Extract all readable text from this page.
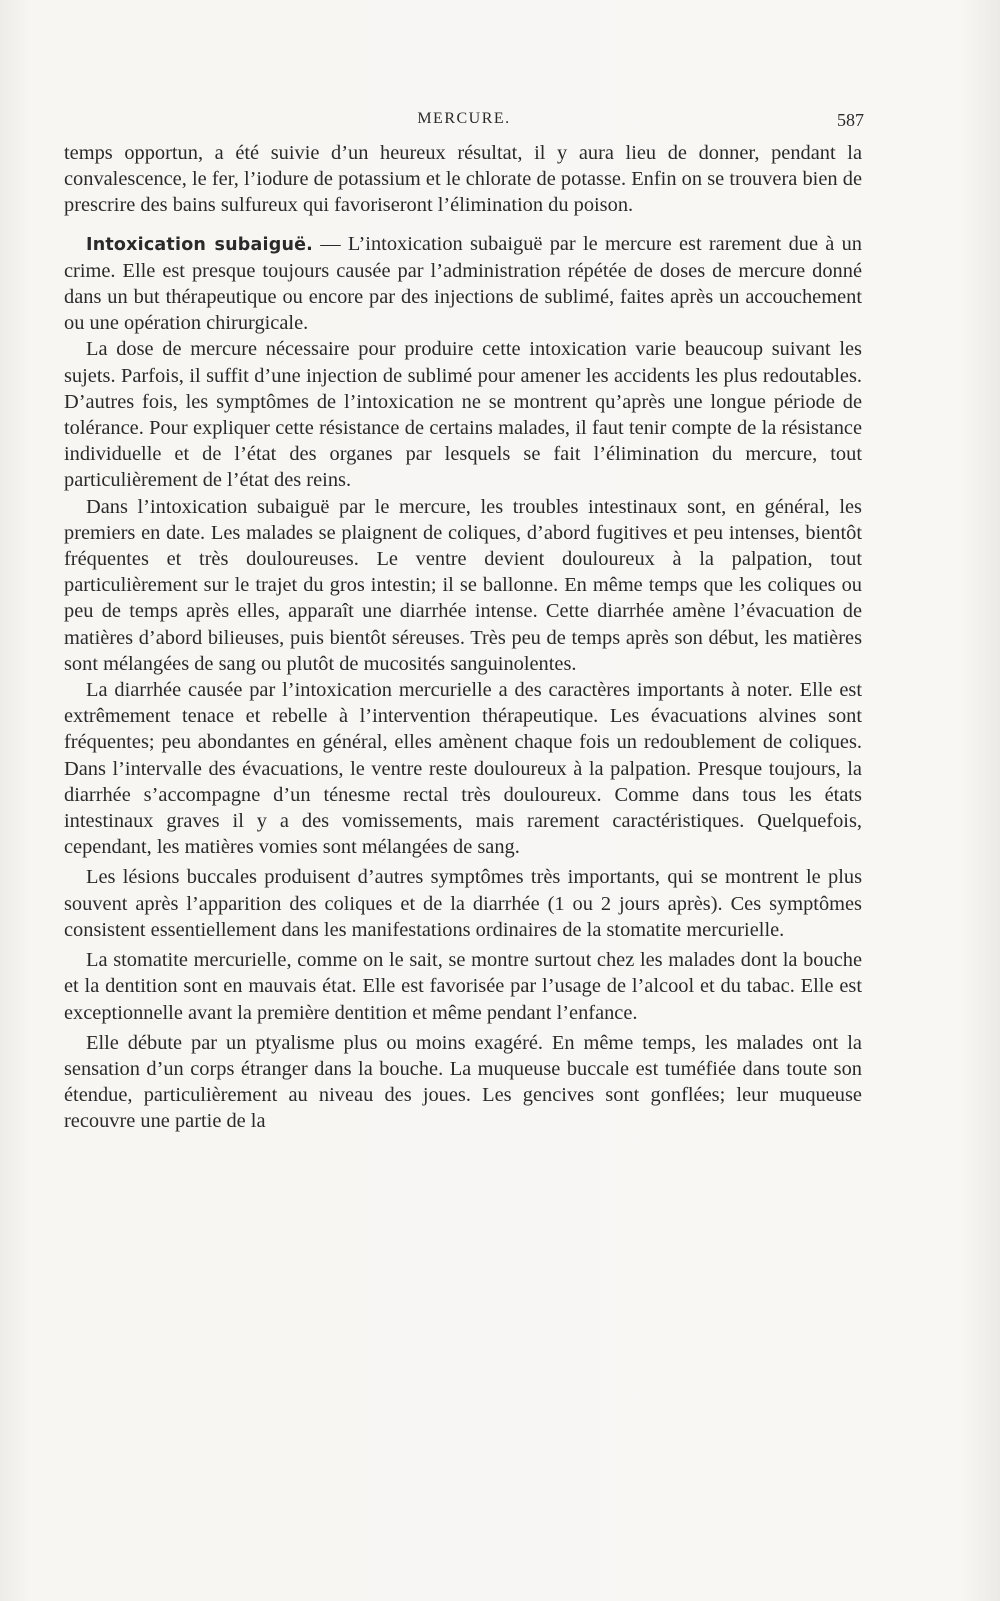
MERCURE.	587

temps opportun, a été suivie d’un heureux résultat, il y aura lieu de donner, pendant la convalescence, le fer, l’iodure de potassium et le chlorate de potasse. Enfin on se trouvera bien de prescrire des bains sulfureux qui favoriseront l’élimination du poison.

Intoxication subaiguë. — L’intoxication subaiguë par le mercure est rarement due à un crime. Elle est presque toujours causée par l’administration répétée de doses de mercure donné dans un but thérapeutique ou encore par des injections de sublimé, faites après un accouchement ou une opération chirurgicale.

La dose de mercure nécessaire pour produire cette intoxication varie beaucoup suivant les sujets. Parfois, il suffit d’une injection de sublimé pour amener les accidents les plus redoutables. D’autres fois, les symptômes de l’intoxication ne se montrent qu’après une longue période de tolérance. Pour expliquer cette résistance de certains malades, il faut tenir compte de la résistance individuelle et de l’état des organes par lesquels se fait l’élimination du mercure, tout particulièrement de l’état des reins.

Dans l’intoxication subaiguë par le mercure, les troubles intestinaux sont, en général, les premiers en date. Les malades se plaignent de coliques, d’abord fugitives et peu intenses, bientôt fréquentes et très douloureuses. Le ventre devient douloureux à la palpation, tout particulièrement sur le trajet du gros intestin; il se ballonne. En même temps que les coliques ou peu de temps après elles, apparaît une diarrhée intense. Cette diarrhée amène l’évacuation de matières d’abord bilieuses, puis bientôt séreuses. Très peu de temps après son début, les matières sont mélangées de sang ou plutôt de mucosités sanguinolentes.

La diarrhée causée par l’intoxication mercurielle a des caractères importants à noter. Elle est extrêmement tenace et rebelle à l’intervention thérapeutique. Les évacuations alvines sont fréquentes; peu abondantes en général, elles amènent chaque fois un redoublement de coliques. Dans l’intervalle des évacuations, le ventre reste douloureux à la palpation. Presque toujours, la diarrhée s’accompagne d’un ténesme rectal très douloureux. Comme dans tous les états intestinaux graves il y a des vomissements, mais rarement caractéristiques. Quelquefois, cependant, les matières vomies sont mélangées de sang.

Les lésions buccales produisent d’autres symptômes très importants, qui se montrent le plus souvent après l’apparition des coliques et de la diarrhée (1 ou 2 jours après). Ces symptômes consistent essentiellement dans les manifestations ordinaires de la stomatite mercurielle.

La stomatite mercurielle, comme on le sait, se montre surtout chez les malades dont la bouche et la dentition sont en mauvais état. Elle est favorisée par l’usage de l’alcool et du tabac. Elle est exceptionnelle avant la première dentition et même pendant l’enfance.

Elle débute par un ptyalisme plus ou moins exagéré. En même temps, les malades ont la sensation d’un corps étranger dans la bouche. La muqueuse buccale est tuméfiée dans toute son étendue, particulièrement au niveau des joues. Les gencives sont gonflées; leur muqueuse recouvre une partie de la
